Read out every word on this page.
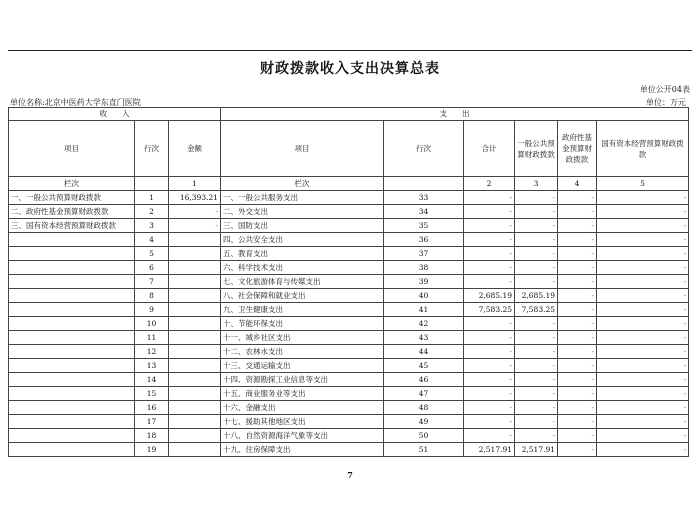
财政拨款收入支出决算总表
单位公开04表
单位名称:北京中医药大学东直门医院	单位：万元
收　　入			支　　出					
项目	行次	金额	项目	行次	合计	一般公共预算财政拨款	政府性基金预算财政拨款	国有资本经营预算财政拨款
栏次		1	栏次		2	3	4	5
一、一般公共预算财政拨款	1	16,393.21	一、一般公共服务支出	33	-	-	-	-
二、政府性基金预算财政拨款	2	-	二、外交支出	34	-	-	-	-
三、国有资本经营预算财政拨款	3	-	三、国防支出	35	-	-	-	-
	4		四、公共安全支出	36	-	-	-	-
	5		五、教育支出	37	-	-	-	-
	6		六、科学技术支出	38	-	-	-	-
	7		七、文化旅游体育与传媒支出	39	-	-	-	-
	8		八、社会保障和就业支出	40	2,685.19	2,685.19	-	-
	9		九、卫生健康支出	41	7,583.25	7,583.25	-	-
	10		十、节能环保支出	42	-	-	-	-
	11		十一、城乡社区支出	43	-	-	-	-
	12		十二、农林水支出	44	-	-	-	-
	13		十三、交通运输支出	45	-	-	-	-
	14		十四、资源勘探工业信息等支出	46	-	-	-	-
	15		十五、商业服务业等支出	47	-	-	-	-
	16		十六、金融支出	48	-	-	-	-
	17		十七、援助其他地区支出	49	-	-	-	-
	18		十八、自然资源海洋气象等支出	50	-	-	-	-
	19		十九、住房保障支出	51	2,517.91	2,517.91	-	-
7
